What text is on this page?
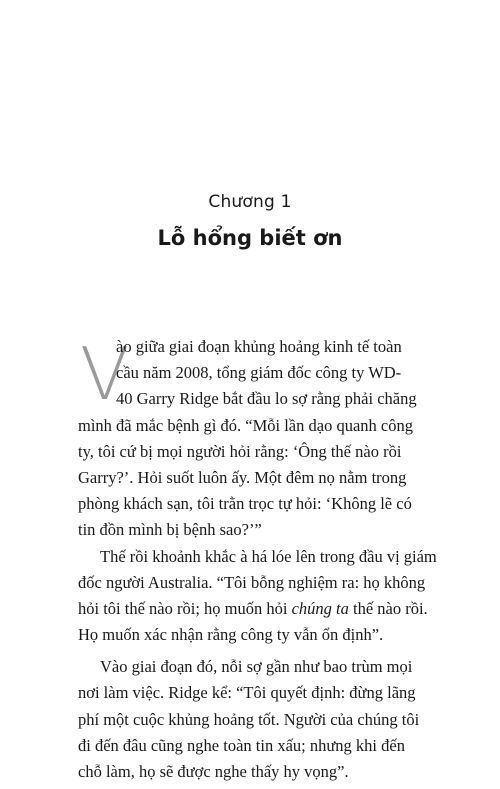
Chương 1
Lỗ hổng biết ơn
V
ào giữa giai đoạn khủng hoảng kinh tế toàn
cầu năm 2008, tổng giám đốc công ty WD-
40 Garry Ridge bắt đầu lo sợ rằng phải chăng
mình đã mắc bệnh gì đó. “Mỗi lần dạo quanh công
ty, tôi cứ bị mọi người hỏi rằng: ‘Ông thế nào rồi
Garry?’. Hỏi suốt luôn ấy. Một đêm nọ nằm trong
phòng khách sạn, tôi trằn trọc tự hỏi: ‘Không lẽ có
tin đồn mình bị bệnh sao?’”
Thế rồi khoảnh khắc à há lóe lên trong đầu vị giám
đốc người Australia. “Tôi bỗng nghiệm ra: họ không
hỏi tôi thế nào rồi; họ muốn hỏi chúng ta thế nào rồi.
Họ muốn xác nhận rằng công ty vẫn ổn định”.
Vào giai đoạn đó, nỗi sợ gần như bao trùm mọi
nơi làm việc. Ridge kể: “Tôi quyết định: đừng lãng
phí một cuộc khủng hoảng tốt. Người của chúng tôi
đi đến đâu cũng nghe toàn tin xấu; nhưng khi đến
chỗ làm, họ sẽ được nghe thấy hy vọng”.
